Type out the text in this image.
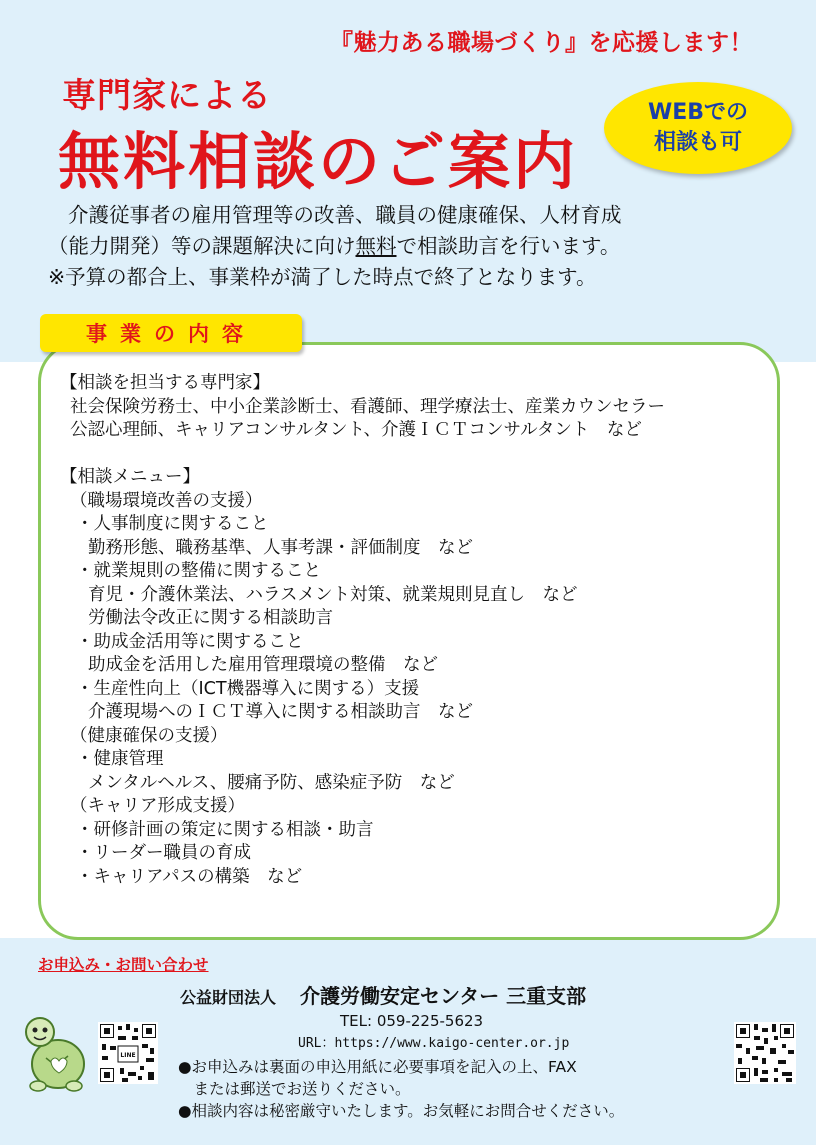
『魅力ある職場づくり』を応援します！
専門家による
無料相談のご案内
WEBでの
相談も可
介護従事者の雇用管理等の改善、職員の健康確保、人材育成
（能力開発）等の課題解決に向け無料で相談助言を行います。
※予算の都合上、事業枠が満了した時点で終了となります。
事業の内容
【相談を担当する専門家】
社会保険労務士、中小企業診断士、看護師、理学療法士、産業カウンセラー
公認心理師、キャリアコンサルタント、介護ＩＣＴコンサルタント　など
【相談メニュー】
（職場環境改善の支援）
・人事制度に関すること
勤務形態、職務基準、人事考課・評価制度　など
・就業規則の整備に関すること
育児・介護休業法、ハラスメント対策、就業規則見直し　など
労働法令改正に関する相談助言
・助成金活用等に関すること
助成金を活用した雇用管理環境の整備　など
・生産性向上（ICT機器導入に関する）支援
介護現場へのＩＣＴ導入に関する相談助言　など
（健康確保の支援）
・健康管理
メンタルヘルス、腰痛予防、感染症予防　など
（キャリア形成支援）
・研修計画の策定に関する相談・助言
・リーダー職員の育成
・キャリアパスの構築　など
お申込み・お問い合わせ
公益財団法人 介護労働安定センター 三重支部
TEL: 059-225-5623
URL：https://www.kaigo-center.or.jp
●お申込みは裏面の申込用紙に必要事項を記入の上、FAX
　または郵送でお送りください。
●相談内容は秘密厳守いたします。お気軽にお問合せください。
LINE
